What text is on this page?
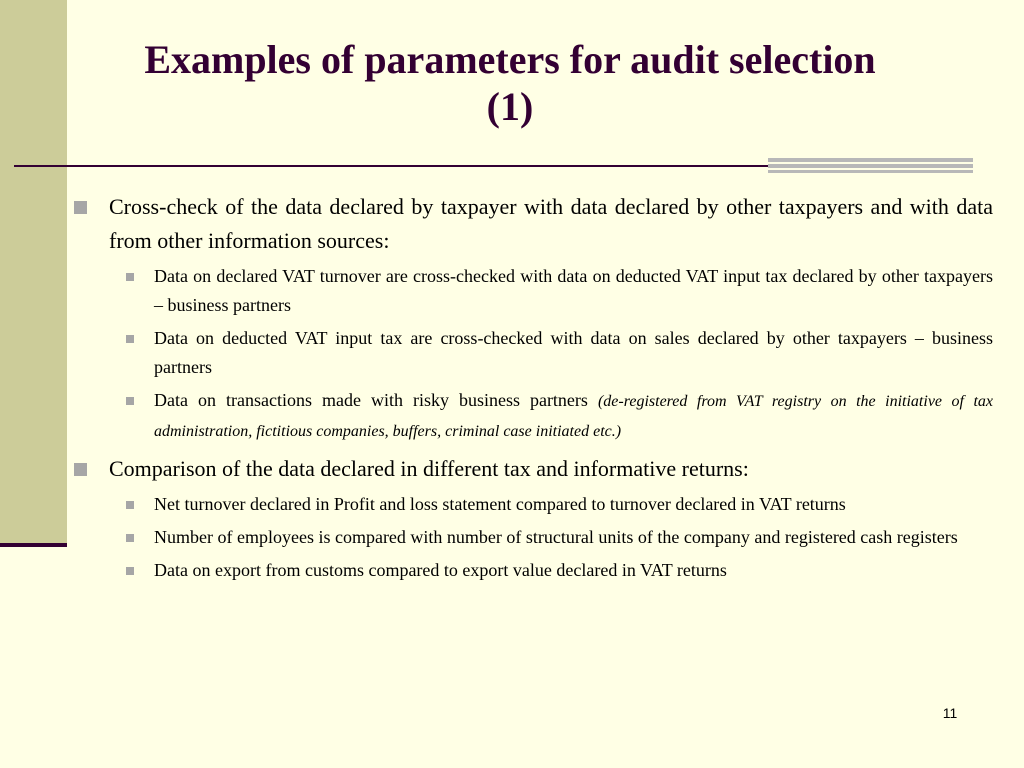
Examples of parameters for audit selection (1)

Cross-check of the data declared by taxpayer with data declared by other taxpayers and with data from other information sources:

Data on declared VAT turnover are cross-checked with data on deducted VAT input tax declared by other taxpayers – business partners

Data on deducted VAT input tax are cross-checked with data on sales declared by other taxpayers – business partners

Data on transactions made with risky business partners (de-registered from VAT registry on the initiative of tax administration, fictitious companies, buffers, criminal case initiated etc.)

Comparison of the data declared in different tax and informative returns:

Net turnover declared in Profit and loss statement compared to turnover declared in VAT returns

Number of employees is compared with number of structural units of the company and registered cash registers

Data on export from customs compared to export value declared in VAT returns

11
